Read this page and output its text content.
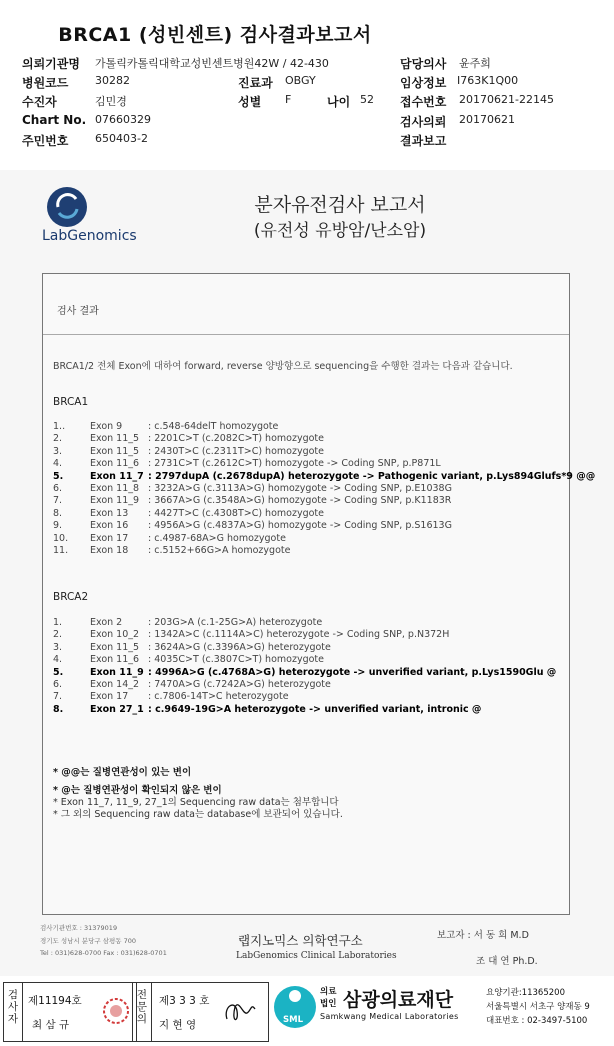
BRCA1 (성빈센트) 검사결과보고서
의뢰기관명 가톨릭카톨릭대학교성빈센트병원42W / 42-430	담당의사 윤주희
병원코드 30282	진료과 OBGY	임상정보 I763K1Q00
수진자	김민경	성별 F	나이 52 접수번호 20170621-22145
Chart No. 07660329	검사의뢰 20170621
주민번호 650403-2	결과보고
LabGenomics
분자유전검사 보고서
(유전성 유방암/난소암)
검사 결과
BRCA1/2 전체 Exon에 대하여 forward, reverse 양방향으로 sequencing을 수행한 결과는 다음과 같습니다.
BRCA1
1..	Exon 9	: c.548-64delT homozygote
2.	Exon 11_5 : 2201C>T (c.2082C>T) homozygote
3.	Exon 11_5 : 2430T>C (c.2311T>C) homozygote
4.	Exon 11_6 : 2731C>T (c.2612C>T) homozygote -> Coding SNP, p.P871L
5.	Exon 11_7 : 2797dupA (c.2678dupA) heterozygote -> Pathogenic variant, p.Lys894Glufs*9 @@
6.	Exon 11_8 : 3232A>G (c.3113A>G) homozygote -> Coding SNP, p.E1038G
7.	Exon 11_9 : 3667A>G (c.3548A>G) homozygote -> Coding SNP, p.K1183R
8.	Exon 13 : 4427T>C (c.4308T>C) homozygote
9.	Exon 16 : 4956A>G (c.4837A>G) homozygote -> Coding SNP, p.S1613G
10. Exon 17 : c.4987-68A>G homozygote
11. Exon 18 : c.5152+66G>A homozygote
BRCA2
1.	Exon 2	: 203G>A (c.1-25G>A) heterozygote
2.	Exon 10_2 : 1342A>C (c.1114A>C) heterozygote -> Coding SNP, p.N372H
3.	Exon 11_5 : 3624A>G (c.3396A>G) heterozygote
4.	Exon 11_6 : 4035C>T (c.3807C>T) homozygote
5.	Exon 11_9 : 4996A>G (c.4768A>G) heterozygote -> unverified variant, p.Lys1590Glu @
6.	Exon 14_2 : 7470A>G (c.7242A>G) heterozygote
7.	Exon 17 : c.7806-14T>C heterozygote
8.	Exon 27_1 : c.9649-19G>A heterozygote -> unverified variant, intronic @
* @@는 질병연관성이 있는 변이
* @는 질병연관성이 확인되지 않은 변이
* Exon 11_7, 11_9, 27_1의 Sequencing raw data는 첨부합니다
* 그 외의 Sequencing raw data는 database에 보관되어 있습니다.
검사기관번호 : 31379019
경기도 성남시 분당구 삼평동 700
Tel : 031)628-0700 Fax : 031)628-0701
랩지노믹스 의학연구소
LabGenomics Clinical Laboratories
보고자 : 서 동 희 M.D
조 대 연 Ph.D.
검
사
자
제11194호
최 삼 규
전
문
의
제3 3 3 호
지 현 영	SML
의료
법인 삼광의료재단
Samkwang Medical Laboratories
요양기관:11365200
서울특별시 서초구 양재동 9
대표번호 : 02-3497-5100
